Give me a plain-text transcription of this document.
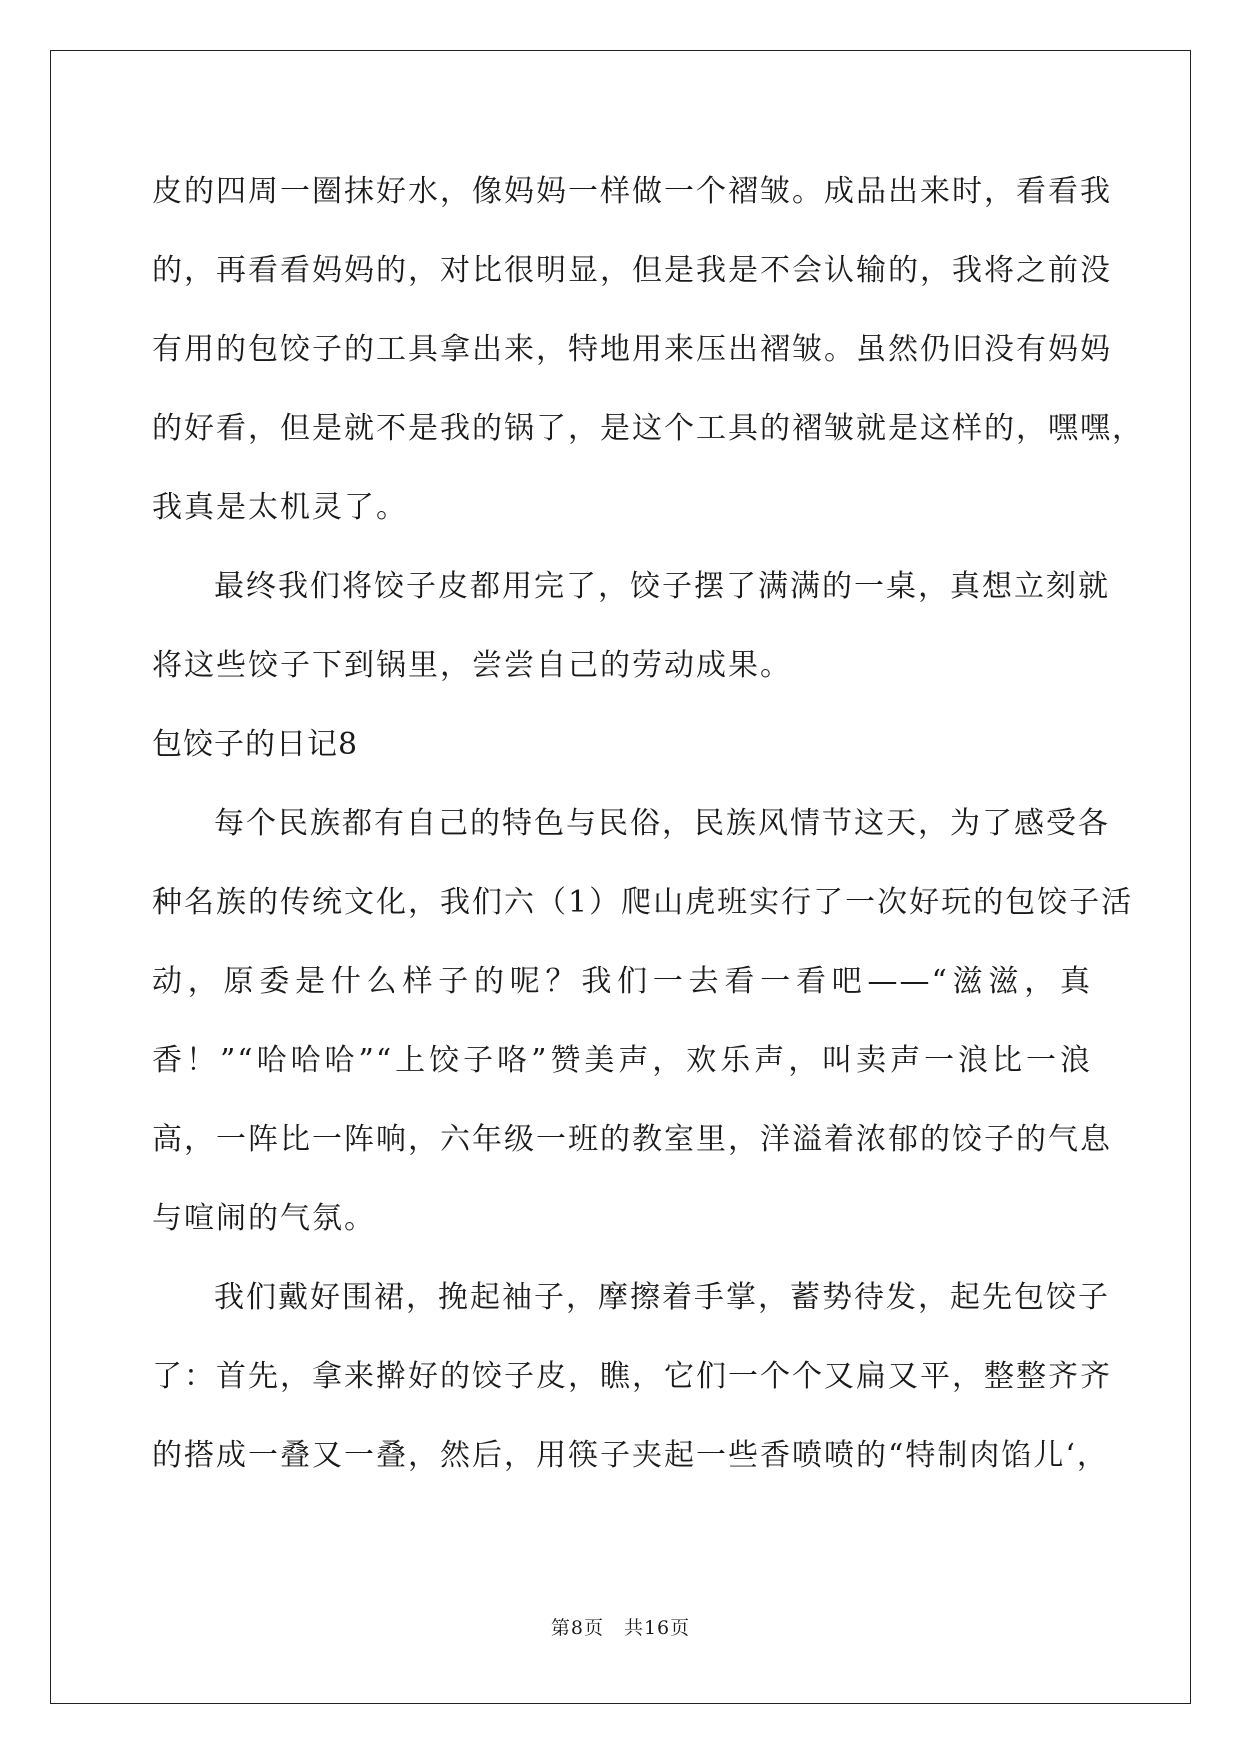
皮的四周一圈抹好水，像妈妈一样做一个褶皱。成品出来时，看看我
的，再看看妈妈的，对比很明显，但是我是不会认输的，我将之前没
有用的包饺子的工具拿出来，特地用来压出褶皱。虽然仍旧没有妈妈
的好看，但是就不是我的锅了，是这个工具的褶皱就是这样的，嘿嘿，
我真是太机灵了。
最终我们将饺子皮都用完了，饺子摆了满满的一桌，真想立刻就
将这些饺子下到锅里，尝尝自己的劳动成果。
包饺子的日记8
每个民族都有自己的特色与民俗，民族风情节这天，为了感受各
种名族的传统文化，我们六（1）爬山虎班实行了一次好玩的包饺子活
动，原委是什么样子的呢？我们一去看一看吧——“滋滋，真
香！”“哈哈哈”“上饺子咯”赞美声，欢乐声，叫卖声一浪比一浪
高，一阵比一阵响，六年级一班的教室里，洋溢着浓郁的饺子的气息
与喧闹的气氛。
我们戴好围裙，挽起袖子，摩擦着手掌，蓄势待发，起先包饺子
了：首先，拿来擀好的饺子皮，瞧，它们一个个又扁又平，整整齐齐
的搭成一叠又一叠，然后，用筷子夹起一些香喷喷的“特制肉馅儿‘，
第8页　共16页
